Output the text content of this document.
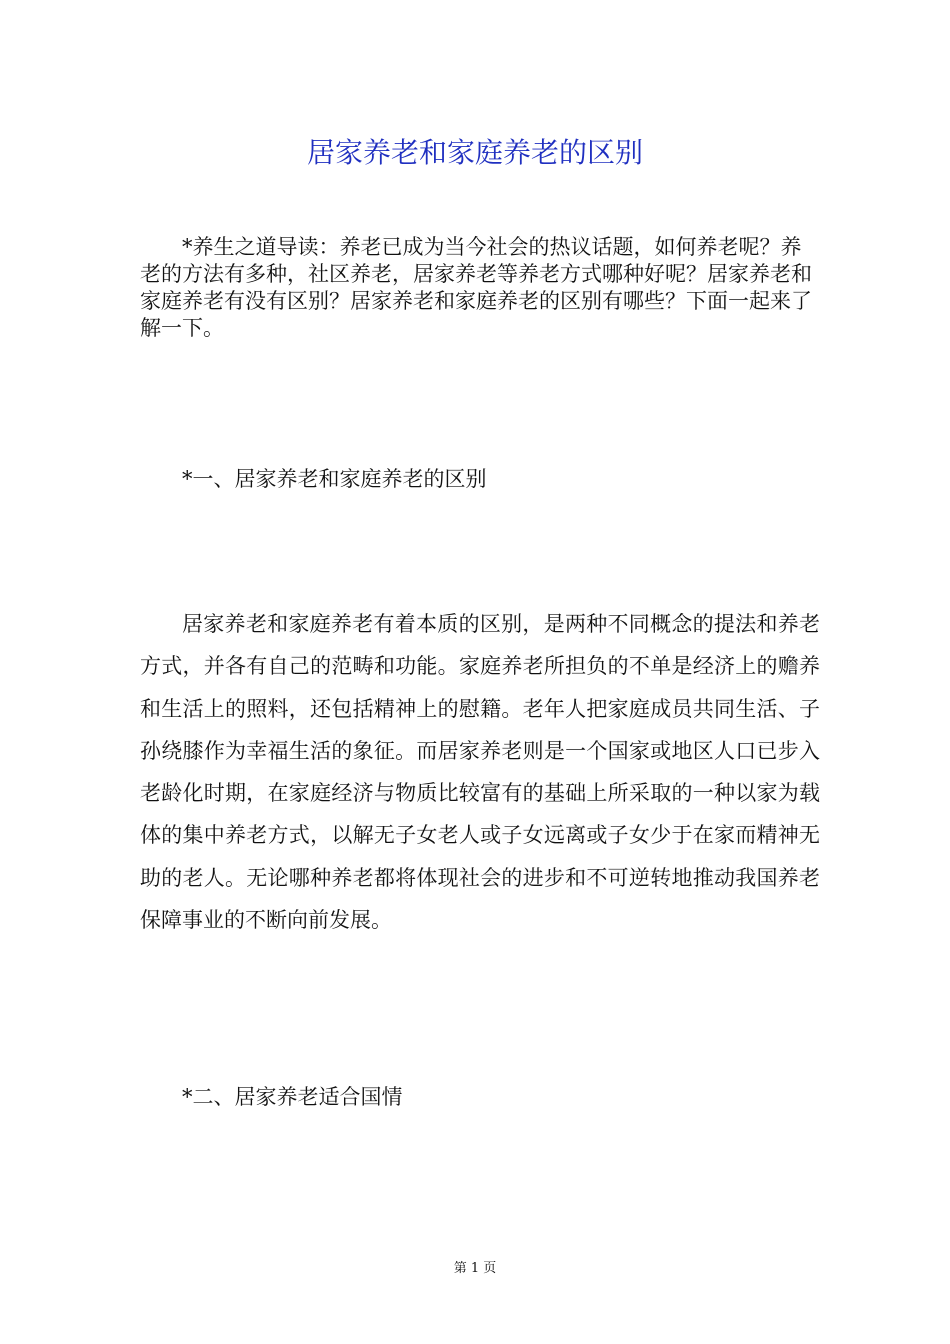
居家养老和家庭养老的区别

*养生之道导读：养老已成为当今社会的热议话题，如何养老呢？养老的方法有多种，社区养老，居家养老等养老方式哪种好呢？居家养老和家庭养老有没有区别？居家养老和家庭养老的区别有哪些？下面一起来了解一下。

*一、居家养老和家庭养老的区别

居家养老和家庭养老有着本质的区别，是两种不同概念的提法和养老方式，并各有自己的范畴和功能。家庭养老所担负的不单是经济上的赡养和生活上的照料，还包括精神上的慰籍。老年人把家庭成员共同生活、子孙绕膝作为幸福生活的象征。而居家养老则是一个国家或地区人口已步入老龄化时期，在家庭经济与物质比较富有的基础上所采取的一种以家为载体的集中养老方式，以解无子女老人或子女远离或子女少于在家而精神无助的老人。无论哪种养老都将体现社会的进步和不可逆转地推动我国养老保障事业的不断向前发展。

*二、居家养老适合国情
第 1 页
